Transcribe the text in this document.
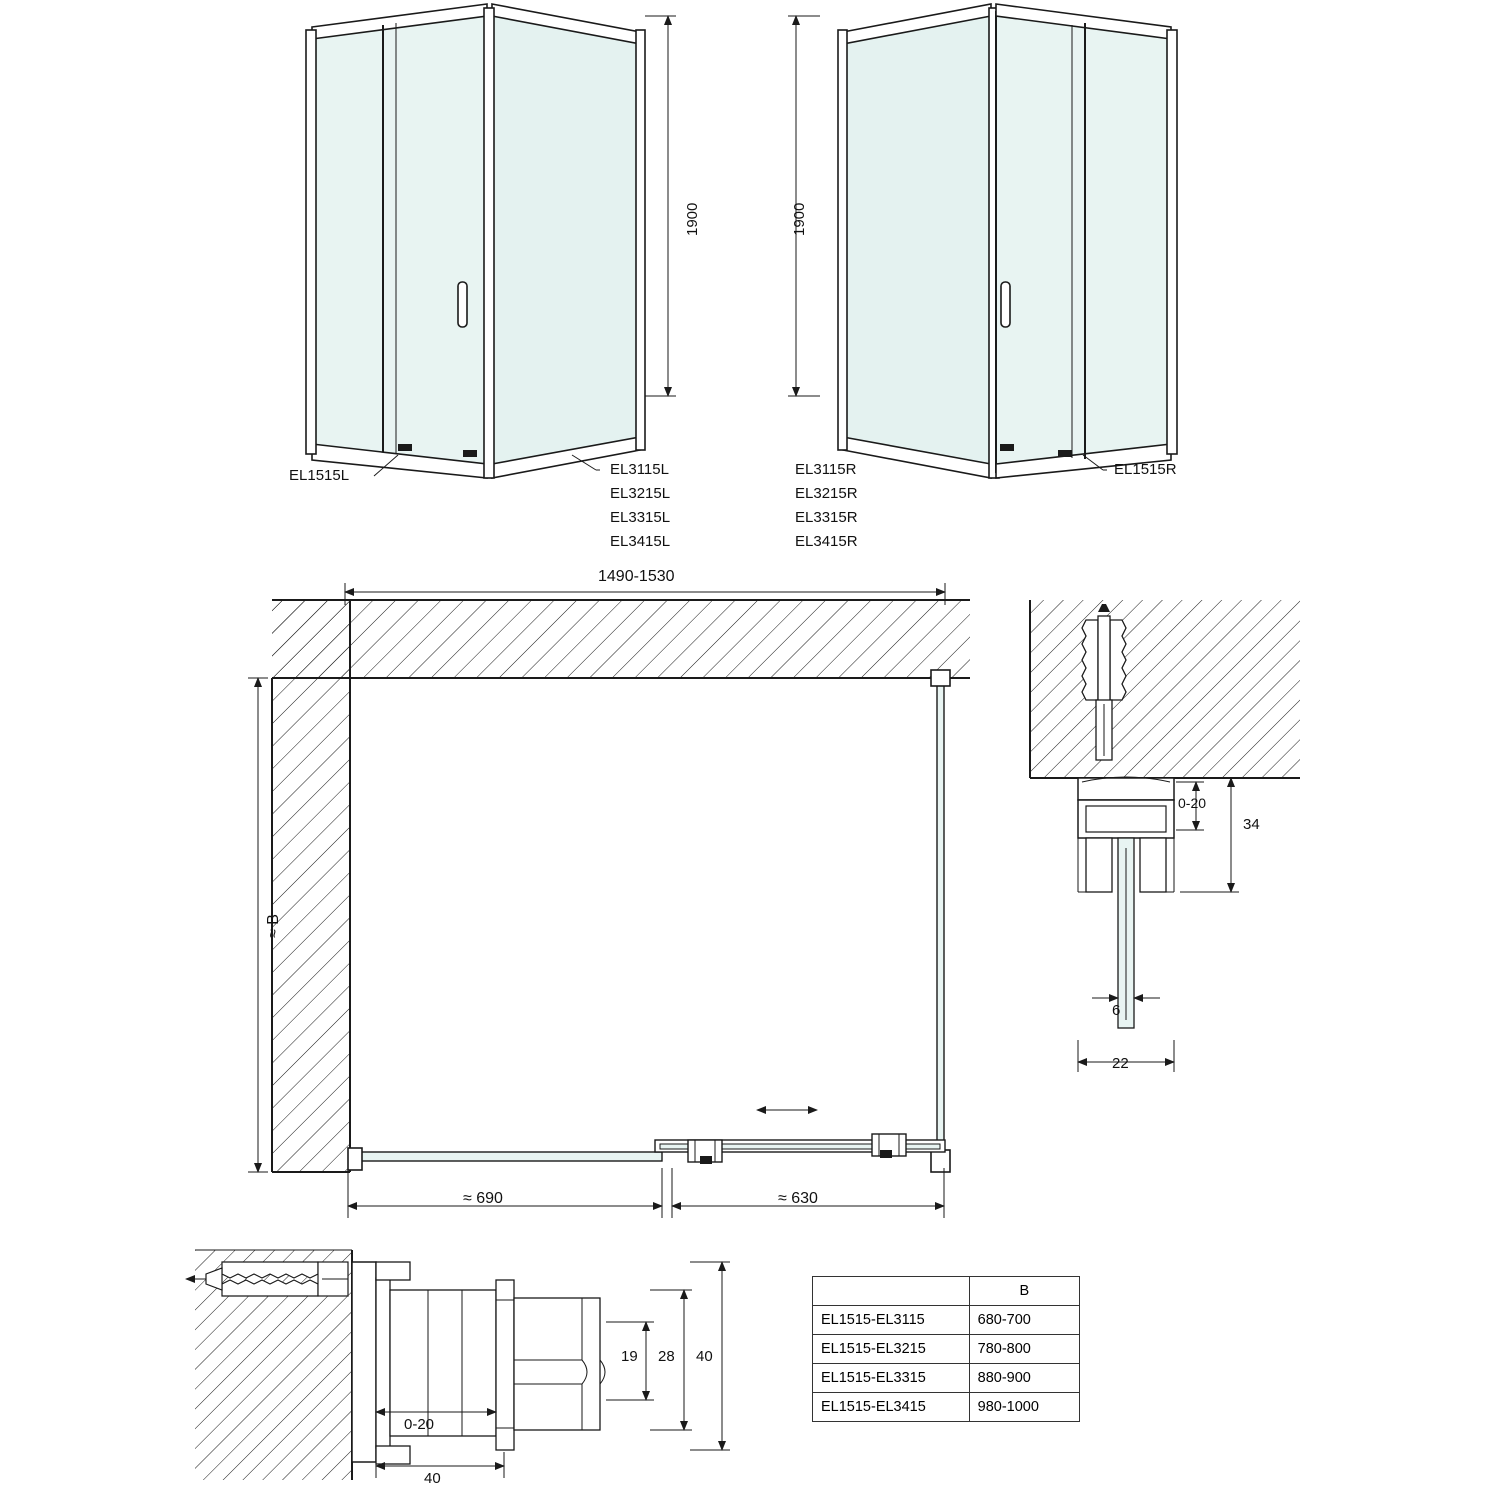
1900
EL1515L	EL3115L
EL3215L
EL3315L
EL3415L
1900
EL3115R
EL3215R
EL3315R
EL3415R
EL1515R
1490-1530
≈ B
≈ 690	≈ 630
0-20
34
6
22
19 28 40
0-20
40
	B
EL1515-EL3115	680-700
EL1515-EL3215	780-800
EL1515-EL3315	880-900
EL1515-EL3415	980-1000
